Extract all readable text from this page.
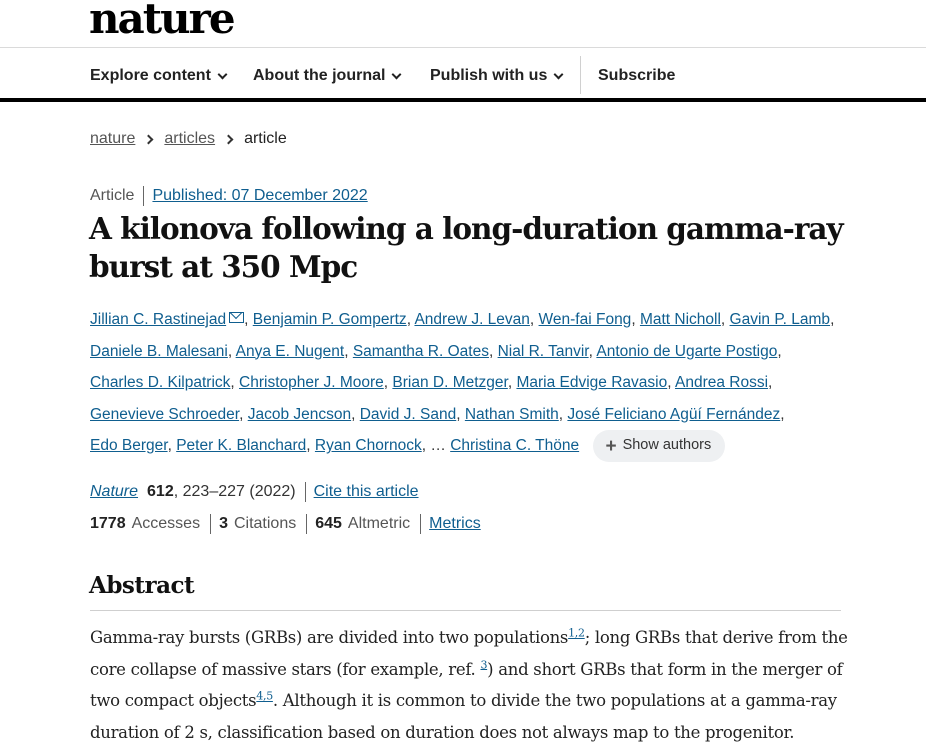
nature
Explore content	About the journal	Publish with us	Subscribe
nature articles article
Article Published: 07 December 2022
A kilonova following a long-duration gamma-ray burst at 350 Mpc
Jillian C. Rastinejad , Benjamin P. Gompertz, Andrew J. Levan, Wen-fai Fong, Matt Nicholl, Gavin P. Lamb, Daniele B. Malesani, Anya E. Nugent, Samantha R. Oates, Nial R. Tanvir, Antonio de Ugarte Postigo, Charles D. Kilpatrick, Christopher J. Moore, Brian D. Metzger, Maria Edvige Ravasio, Andrea Rossi, Genevieve Schroeder, Jacob Jencson, David J. Sand, Nathan Smith, José Feliciano Agüí Fernández, Edo Berger, Peter K. Blanchard, Ryan Chornock, … Christina C. Thöne + Show authors
Nature 612 , 223–227 (2022) Cite this article
1778 Accesses 3 Citations 645 Altmetric Metrics
Abstract

Gamma-ray bursts (GRBs) are divided into two populations$^{1,2}$; long GRBs that derive from the core collapse of massive stars (for example, ref. $^3$) and short GRBs that form in the merger of two compact objects$^{4,5}$. Although it is common to divide the two populations at a gamma-ray duration of 2 s, classification based on duration does not always map to the progenitor.
